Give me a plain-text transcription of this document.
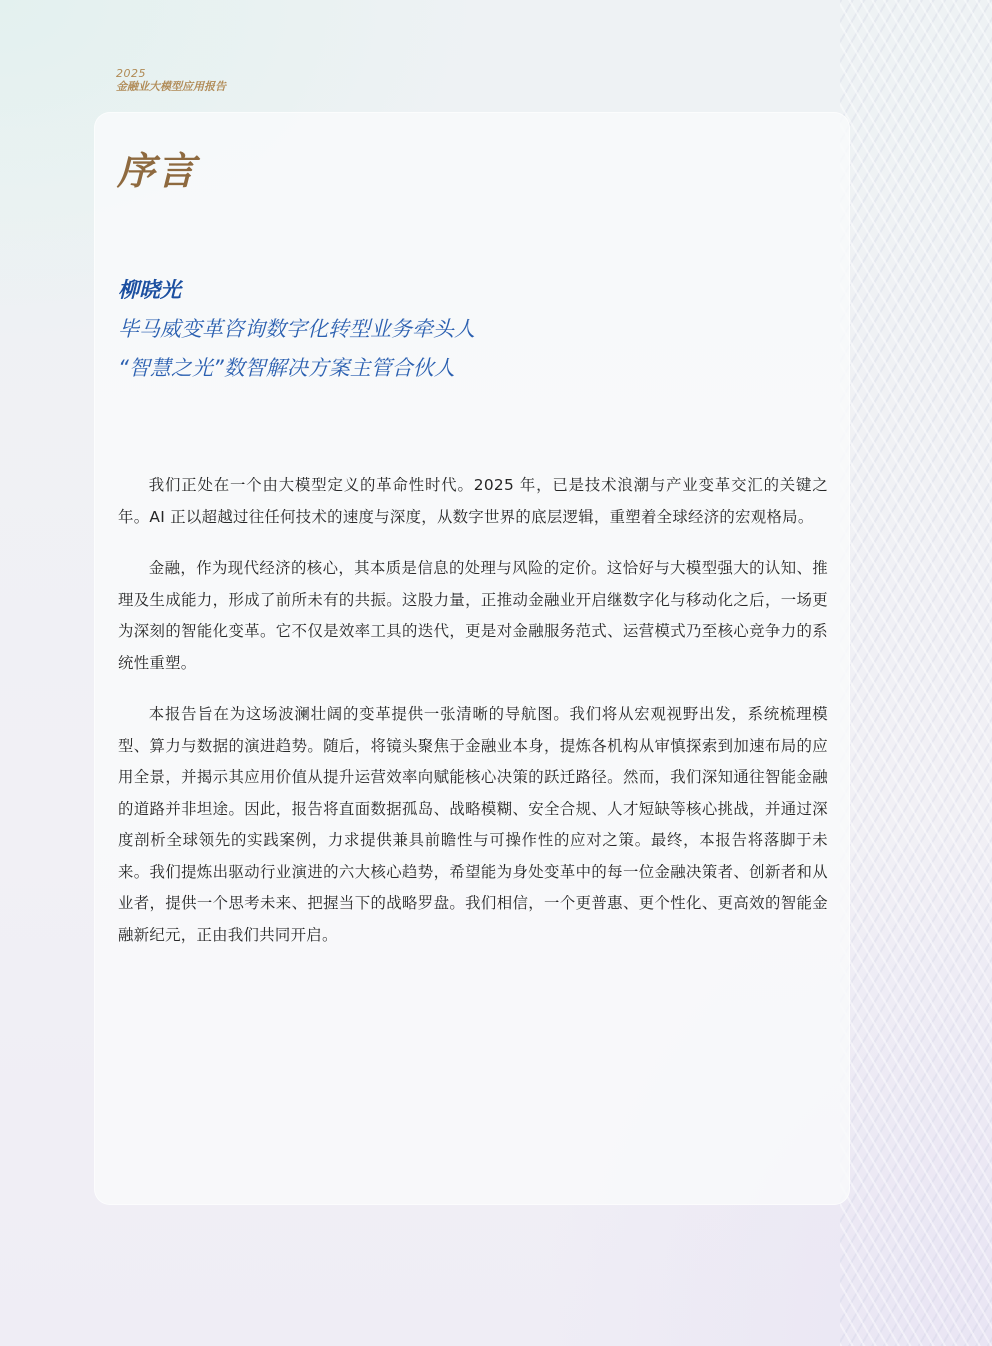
2025
金融业大模型应用报告
序言
柳晓光
毕马威变革咨询数字化转型业务牵头人
“智慧之光”数智解决方案主管合伙人

我们正处在一个由大模型定义的革命性时代。2025 年，已是技术浪潮与产业变革交汇的关键之年。AI 正以超越过往任何技术的速度与深度，从数字世界的底层逻辑，重塑着全球经济的宏观格局。

金融，作为现代经济的核心，其本质是信息的处理与风险的定价。这恰好与大模型强大的认知、推理及生成能力，形成了前所未有的共振。这股力量，正推动金融业开启继数字化与移动化之后，一场更为深刻的智能化变革。它不仅是效率工具的迭代，更是对金融服务范式、运营模式乃至核心竞争力的系统性重塑。

本报告旨在为这场波澜壮阔的变革提供一张清晰的导航图。我们将从宏观视野出发，系统梳理模型、算力与数据的演进趋势。随后，将镜头聚焦于金融业本身，提炼各机构从审慎探索到加速布局的应用全景，并揭示其应用价值从提升运营效率向赋能核心决策的跃迁路径。然而，我们深知通往智能金融的道路并非坦途。因此，报告将直面数据孤岛、战略模糊、安全合规、人才短缺等核心挑战，并通过深度剖析全球领先的实践案例，力求提供兼具前瞻性与可操作性的应对之策。最终，本报告将落脚于未来。我们提炼出驱动行业演进的六大核心趋势，希望能为身处变革中的每一位金融决策者、创新者和从业者，提供一个思考未来、把握当下的战略罗盘。我们相信，一个更普惠、更个性化、更高效的智能金融新纪元，正由我们共同开启。
